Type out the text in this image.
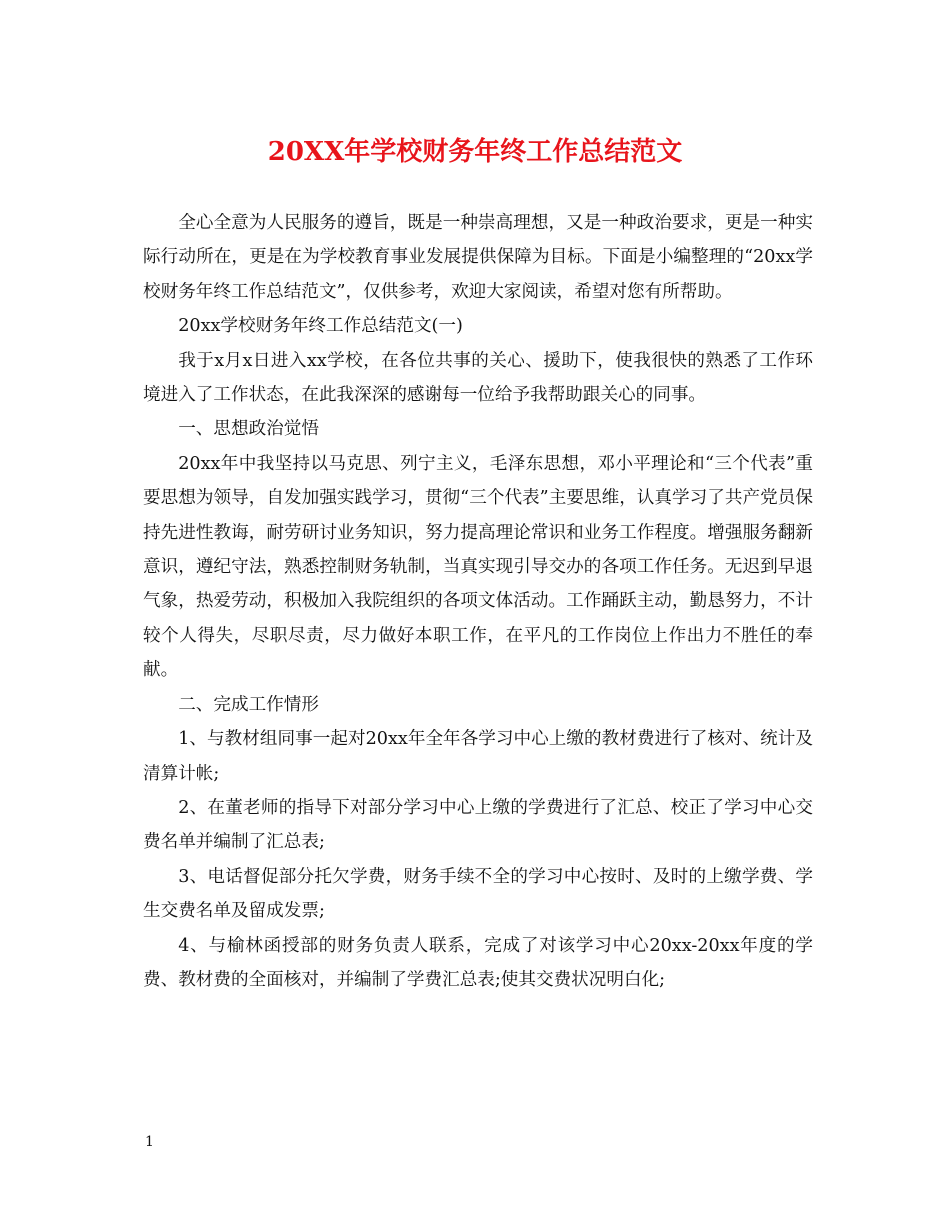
20XX年学校财务年终工作总结范文

全心全意为人民服务的遵旨，既是一种崇高理想，又是一种政治要求，更是一种实际行动所在，更是在为学校教育事业发展提供保障为目标。下面是小编整理的“20xx学校财务年终工作总结范文”，仅供参考，欢迎大家阅读，希望对您有所帮助。

20xx学校财务年终工作总结范文(一)

我于x月x日进入xx学校，在各位共事的关心、援助下，使我很快的熟悉了工作环境进入了工作状态，在此我深深的感谢每一位给予我帮助跟关心的同事。

一、思想政治觉悟

20xx年中我坚持以马克思、列宁主义，毛泽东思想，邓小平理论和“三个代表”重要思想为领导，自发加强实践学习，贯彻“三个代表”主要思维，认真学习了共产党员保持先进性教诲，耐劳研讨业务知识，努力提高理论常识和业务工作程度。增强服务翻新意识，遵纪守法，熟悉控制财务轨制，当真实现引导交办的各项工作任务。无迟到早退气象，热爱劳动，积极加入我院组织的各项文体活动。工作踊跃主动，勤恳努力，不计较个人得失，尽职尽责，尽力做好本职工作，在平凡的工作岗位上作出力不胜任的奉献。

二、完成工作情形

1、与教材组同事一起对20xx年全年各学习中心上缴的教材费进行了核对、统计及清算计帐;

2、在董老师的指导下对部分学习中心上缴的学费进行了汇总、校正了学习中心交费名单并编制了汇总表;

3、电话督促部分托欠学费，财务手续不全的学习中心按时、及时的上缴学费、学生交费名单及留成发票;

4、与榆林函授部的财务负责人联系，完成了对该学习中心20xx-20xx年度的学费、教材费的全面核对，并编制了学费汇总表;使其交费状况明白化;

1
